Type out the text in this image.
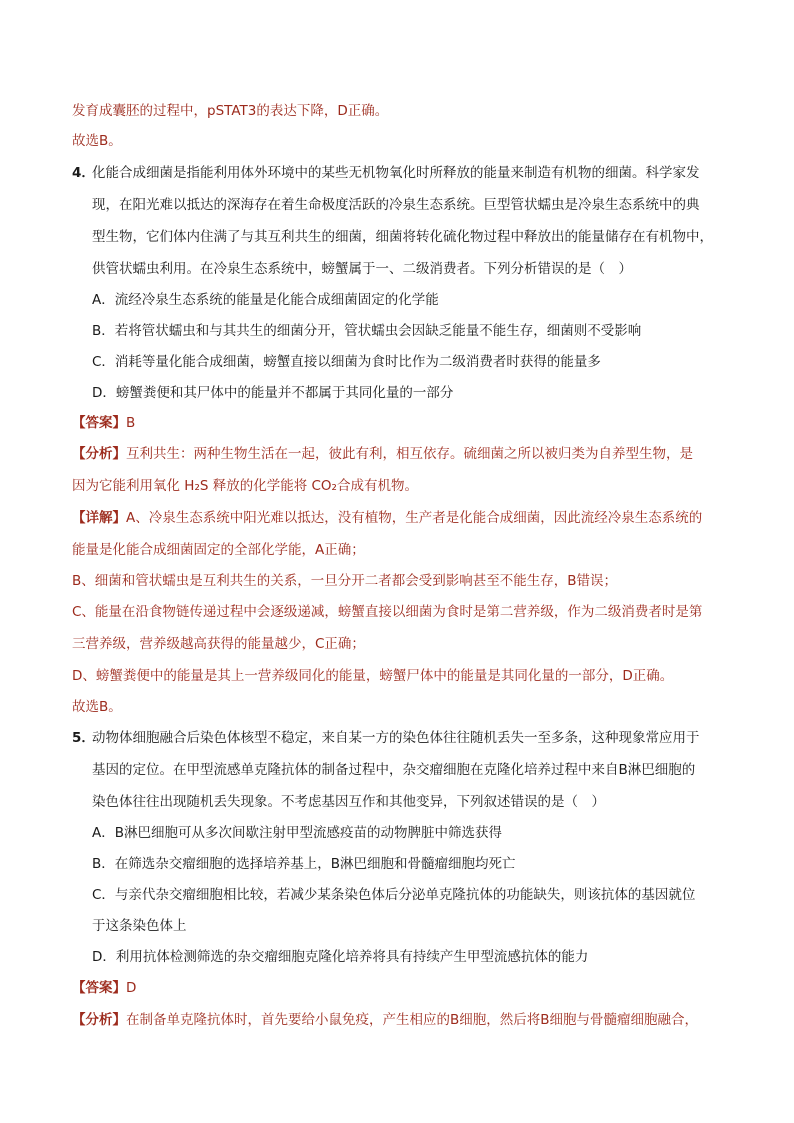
发育成囊胚的过程中，pSTAT3的表达下降，D正确。
故选B。
4．
化能合成细菌是指能利用体外环境中的某些无机物氧化时所释放的能量来制造有机物的细菌。科学家发
现，在阳光难以抵达的深海存在着生命极度活跃的冷泉生态系统。巨型管状蠕虫是冷泉生态系统中的典
型生物，它们体内住满了与其互利共生的细菌，细菌将转化硫化物过程中释放出的能量储存在有机物中，
供管状蠕虫利用。在冷泉生态系统中，螃蟹属于一、二级消费者。下列分析错误的是（　）
A．流经冷泉生态系统的能量是化能合成细菌固定的化学能
B．若将管状蠕虫和与其共生的细菌分开，管状蠕虫会因缺乏能量不能生存，细菌则不受影响
C．消耗等量化能合成细菌，螃蟹直接以细菌为食时比作为二级消费者时获得的能量多
D．螃蟹粪便和其尸体中的能量并不都属于其同化量的一部分
【答案】B
【分析】互利共生：两种生物生活在一起，彼此有利，相互依存。硫细菌之所以被归类为自养型生物，是
因为它能利用氧化 H₂S 释放的化学能将 CO₂合成有机物。
【详解】A、冷泉生态系统中阳光难以抵达，没有植物，生产者是化能合成细菌，因此流经冷泉生态系统的
能量是化能合成细菌固定的全部化学能，A正确；
B、细菌和管状蠕虫是互利共生的关系，一旦分开二者都会受到影响甚至不能生存，B错误；
C、能量在沿食物链传递过程中会逐级递减，螃蟹直接以细菌为食时是第二营养级，作为二级消费者时是第
三营养级，营养级越高获得的能量越少，C正确；
D、螃蟹粪便中的能量是其上一营养级同化的能量，螃蟹尸体中的能量是其同化量的一部分，D正确。
故选B。
5．
动物体细胞融合后染色体核型不稳定，来自某一方的染色体往往随机丢失一至多条，这种现象常应用于
基因的定位。在甲型流感单克隆抗体的制备过程中，杂交瘤细胞在克隆化培养过程中来自B淋巴细胞的
染色体往往出现随机丢失现象。不考虑基因互作和其他变异，下列叙述错误的是（　）
A．B淋巴细胞可从多次间歇注射甲型流感疫苗的动物脾脏中筛选获得
B．在筛选杂交瘤细胞的选择培养基上，B淋巴细胞和骨髓瘤细胞均死亡
C．与亲代杂交瘤细胞相比较，若减少某条染色体后分泌单克隆抗体的功能缺失，则该抗体的基因就位
于这条染色体上
D．利用抗体检测筛选的杂交瘤细胞克隆化培养将具有持续产生甲型流感抗体的能力
【答案】D
【分析】在制备单克隆抗体时，首先要给小鼠免疫，产生相应的B细胞，然后将B细胞与骨髓瘤细胞融合，
